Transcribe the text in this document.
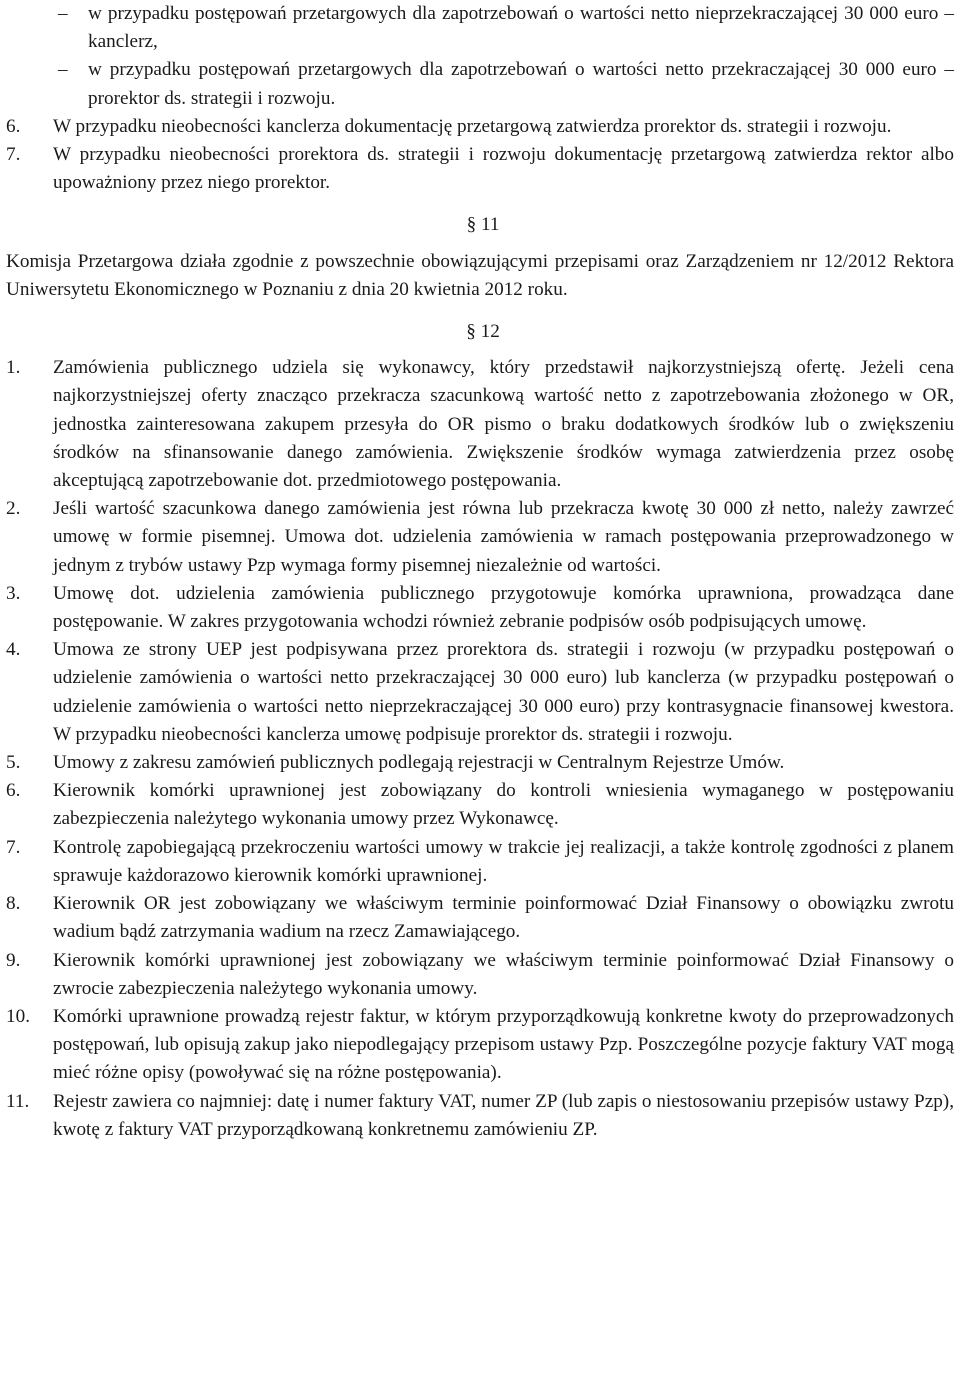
– w przypadku postępowań przetargowych dla zapotrzebowań o wartości netto nieprzekraczającej 30 000 euro – kanclerz,
– w przypadku postępowań przetargowych dla zapotrzebowań o wartości netto przekraczającej 30 000 euro – prorektor ds. strategii i rozwoju.
6. W przypadku nieobecności kanclerza dokumentację przetargową zatwierdza prorektor ds. strategii i rozwoju.
7. W przypadku nieobecności prorektora ds. strategii i rozwoju dokumentację przetargową zatwierdza rektor albo upoważniony przez niego prorektor.
§ 11

Komisja Przetargowa działa zgodnie z powszechnie obowiązującymi przepisami oraz Zarządzeniem nr 12/2012 Rektora Uniwersytetu Ekonomicznego w Poznaniu z dnia 20 kwietnia 2012 roku.

§ 12
1. Zamówienia publicznego udziela się wykonawcy, który przedstawił najkorzystniejszą ofertę. Jeżeli cena najkorzystniejszej oferty znacząco przekracza szacunkową wartość netto z zapotrzebowania złożonego w OR, jednostka zainteresowana zakupem przesyła do OR pismo o braku dodatkowych środków lub o zwiększeniu środków na sfinansowanie danego zamówienia. Zwiększenie środków wymaga zatwierdzenia przez osobę akceptującą zapotrzebowanie dot. przedmiotowego postępowania.
2. Jeśli wartość szacunkowa danego zamówienia jest równa lub przekracza kwotę 30 000 zł netto, należy zawrzeć umowę w formie pisemnej. Umowa dot. udzielenia zamówienia w ramach postępowania przeprowadzonego w jednym z trybów ustawy Pzp wymaga formy pisemnej niezależnie od wartości.
3. Umowę dot. udzielenia zamówienia publicznego przygotowuje komórka uprawniona, prowadząca dane postępowanie. W zakres przygotowania wchodzi również zebranie podpisów osób podpisujących umowę.
4. Umowa ze strony UEP jest podpisywana przez prorektora ds. strategii i rozwoju (w przypadku postępowań o udzielenie zamówienia o wartości netto przekraczającej 30 000 euro) lub kanclerza (w przypadku postępowań o udzielenie zamówienia o wartości netto nieprzekraczającej 30 000 euro) przy kontrasygnacie finansowej kwestora. W przypadku nieobecności kanclerza umowę podpisuje prorektor ds. strategii i rozwoju.
5. Umowy z zakresu zamówień publicznych podlegają rejestracji w Centralnym Rejestrze Umów.
6. Kierownik komórki uprawnionej jest zobowiązany do kontroli wniesienia wymaganego w postępowaniu zabezpieczenia należytego wykonania umowy przez Wykonawcę.
7. Kontrolę zapobiegającą przekroczeniu wartości umowy w trakcie jej realizacji, a także kontrolę zgodności z planem sprawuje każdorazowo kierownik komórki uprawnionej.
8. Kierownik OR jest zobowiązany we właściwym terminie poinformować Dział Finansowy o obowiązku zwrotu wadium bądź zatrzymania wadium na rzecz Zamawiającego.
9. Kierownik komórki uprawnionej jest zobowiązany we właściwym terminie poinformować Dział Finansowy o zwrocie zabezpieczenia należytego wykonania umowy.
10. Komórki uprawnione prowadzą rejestr faktur, w którym przyporządkowują konkretne kwoty do przeprowadzonych postępowań, lub opisują zakup jako niepodlegający przepisom ustawy Pzp. Poszczególne pozycje faktury VAT mogą mieć różne opisy (powoływać się na różne postępowania).
11. Rejestr zawiera co najmniej: datę i numer faktury VAT, numer ZP (lub zapis o niestosowaniu przepisów ustawy Pzp), kwotę z faktury VAT przyporządkowaną konkretnemu zamówieniu ZP.
